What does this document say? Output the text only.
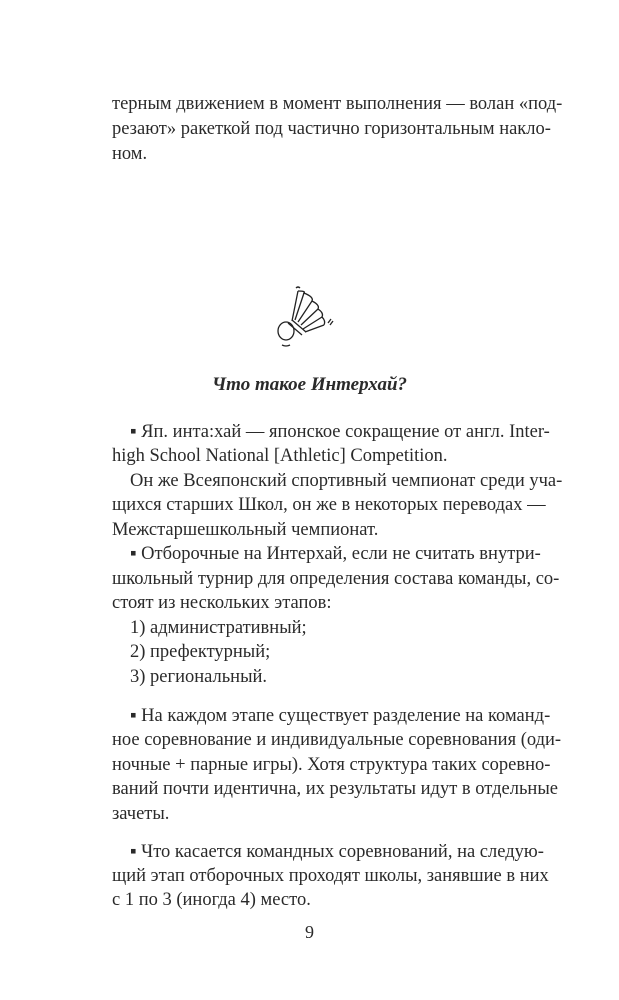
терным движением в момент выполнения — волан «под-
резают» ракеткой под частично горизонтальным накло-
ном.
Что такое Интерхай?
▪ Яп. инта:хай — японское сокращение от англ. Inter-
high School National [Athletic] Competition.
Он же Всеяпонский спортивный чемпионат среди уча-
щихся старших Школ, он же в некоторых переводах —
Межстаршешкольный чемпионат.
▪ Отборочные на Интерхай, если не считать внутри-
школьный турнир для определения состава команды, со-
стоят из нескольких этапов:
1) административный;
2) префектурный;
3) региональный.
▪ На каждом этапе существует разделение на команд-
ное соревнование и индивидуальные соревнования (оди-
ночные + парные игры). Хотя структура таких соревно-
ваний почти идентична, их результаты идут в отдельные
зачеты.
▪ Что касается командных соревнований, на следую-
щий этап отборочных проходят школы, занявшие в них
с 1 по 3 (иногда 4) место.
9
